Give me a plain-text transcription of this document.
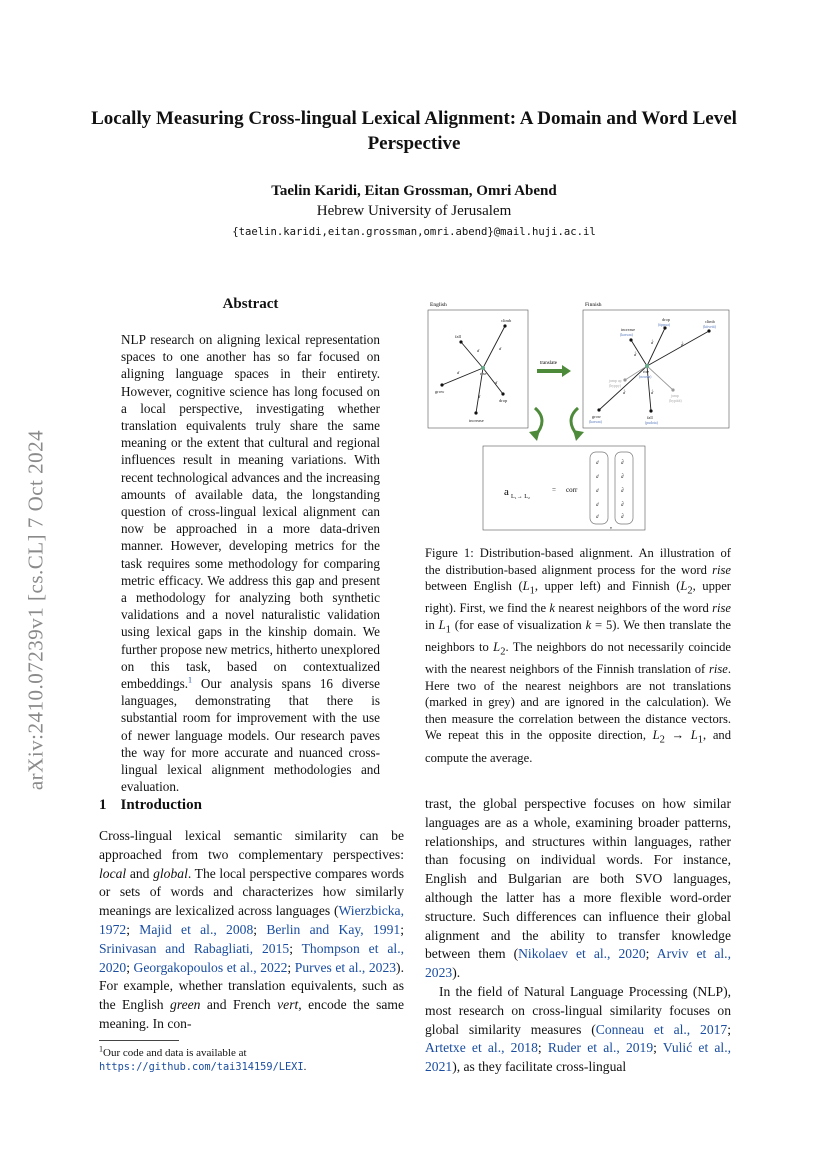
arXiv:2410.07239v1 [cs.CL] 7 Oct 2024
Locally Measuring Cross-lingual Lexical Alignment: A Domain and Word Level Perspective
Taelin Karidi, Eitan Grossman, Omri Abend
Hebrew University of Jerusalem
{taelin.karidi,eitan.grossman,omri.abend}@mail.huji.ac.il
Abstract
NLP research on aligning lexical representation spaces to one another has so far focused on aligning language spaces in their entirety. However, cognitive science has long focused on a local perspective, investigating whether translation equivalents truly share the same meaning or the extent that cultural and regional influences result in meaning variations. With recent technological advances and the increasing amounts of available data, the longstanding question of cross-lingual lexical alignment can now be approached in a more data-driven manner. However, developing metrics for the task requires some methodology for comparing metric efficacy. We address this gap and present a methodology for analyzing both synthetic validations and a novel naturalistic validation using lexical gaps in the kinship domain. We further propose new metrics, hitherto unexplored on this task, based on contextualized embeddings.$^1$ Our analysis spans 16 diverse languages, demonstrating that there is substantial room for improvement with the use of newer language models. Our research paves the way for more accurate and nuanced cross-lingual lexical alignment methodologies and evaluation.
1 Introduction

Cross-lingual lexical semantic similarity can be approached from two complementary perspectives: local and global. The local perspective compares words or sets of words and characterizes how similarly meanings are lexicalized across languages (Wierzbicka, 1972; Majid et al., 2008; Berlin and Kay, 1991; Srinivasan and Rabagliati, 2015; Thompson et al., 2020; Georgakopoulos et al., 2022; Purves et al., 2023). For example, whether translation equivalents, such as the English green and French vert, encode the same meaning. In con-

$^1$Our code and data is available at https://github.com/tai314159/LEXI.
English	Finnish
climb
fall
rise
grow
drop
increase
d	d
d
d
d
translate
drop	climb
increase
rise
grow	fall
(tippua)	(kiivetä)
(kasvaa)
(nousta)
(kasvaa)	(pudota)
jump up
(hyppy)
jump
(hypätä)
d̂	d̂
d̂
d̂	d̂
a L₁→ L₂
= corr
d
d
d
d
d
d̂
d̂
d̂
d̂
d̂
,
Figure 1: Distribution-based alignment. An illustration of the distribution-based alignment process for the word rise between English ($L_1$, upper left) and Finnish ($L_2$, upper right). First, we find the k nearest neighbors of the word rise in $L_1$ (for ease of visualization k = 5). We then translate the neighbors to $L_2$. The neighbors do not necessarily coincide with the nearest neighbors of the Finnish translation of rise. Here two of the nearest neighbors are not translations (marked in grey) and are ignored in the calculation). We then measure the correlation between the distance vectors. We repeat this in the opposite direction, $L_2 \to L_1$, and compute the average.

trast, the global perspective focuses on how similar languages are as a whole, examining broader patterns, relationships, and structures within languages, rather than focusing on individual words. For instance, English and Bulgarian are both SVO languages, although the latter has a more flexible word-order structure. Such differences can influence their global alignment and the ability to transfer knowledge between them (Nikolaev et al., 2020; Arviv et al., 2023).

In the field of Natural Language Processing (NLP), most research on cross-lingual similarity focuses on global similarity measures (Conneau et al., 2017; Artetxe et al., 2018; Ruder et al., 2019; Vulić et al., 2021), as they facilitate cross-lingual
